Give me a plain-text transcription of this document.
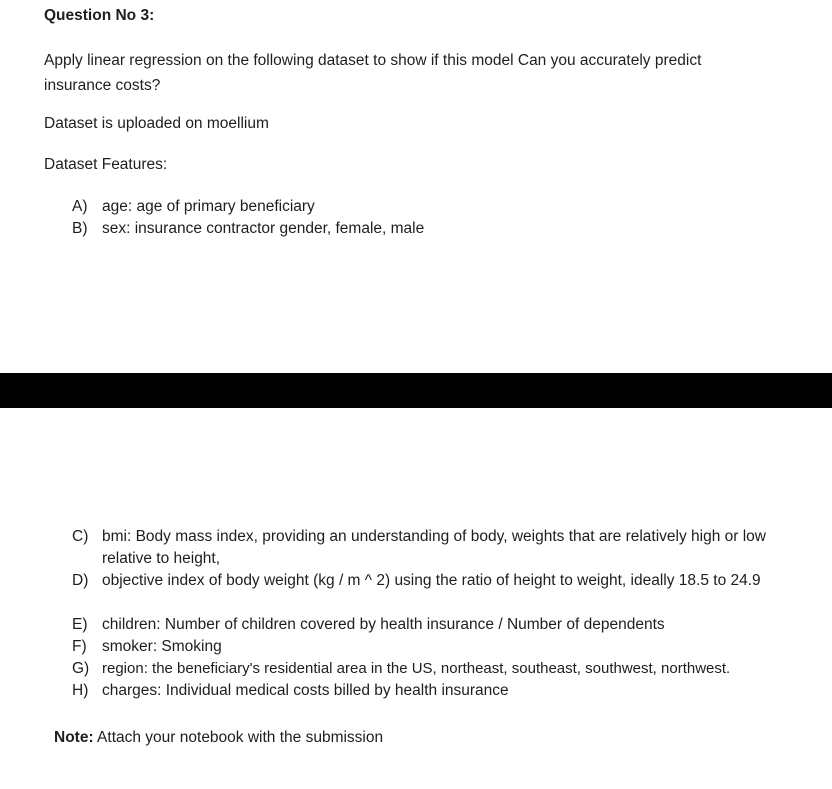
Question No 3:
Apply linear regression on the following dataset to show if this model Can you accurately predict insurance costs?
Dataset is uploaded on moellium
Dataset Features:
A) age: age of primary beneficiary
B) sex: insurance contractor gender, female, male
C) bmi: Body mass index, providing an understanding of body, weights that are relatively high or low relative to height,
D) objective index of body weight (kg / m ^ 2) using the ratio of height to weight, ideally 18.5 to 24.9
E) children: Number of children covered by health insurance / Number of dependents
F) smoker: Smoking
G) region: the beneficiary's residential area in the US, northeast, southeast, southwest, northwest.
H) charges: Individual medical costs billed by health insurance
Note: Attach your notebook with the submission
